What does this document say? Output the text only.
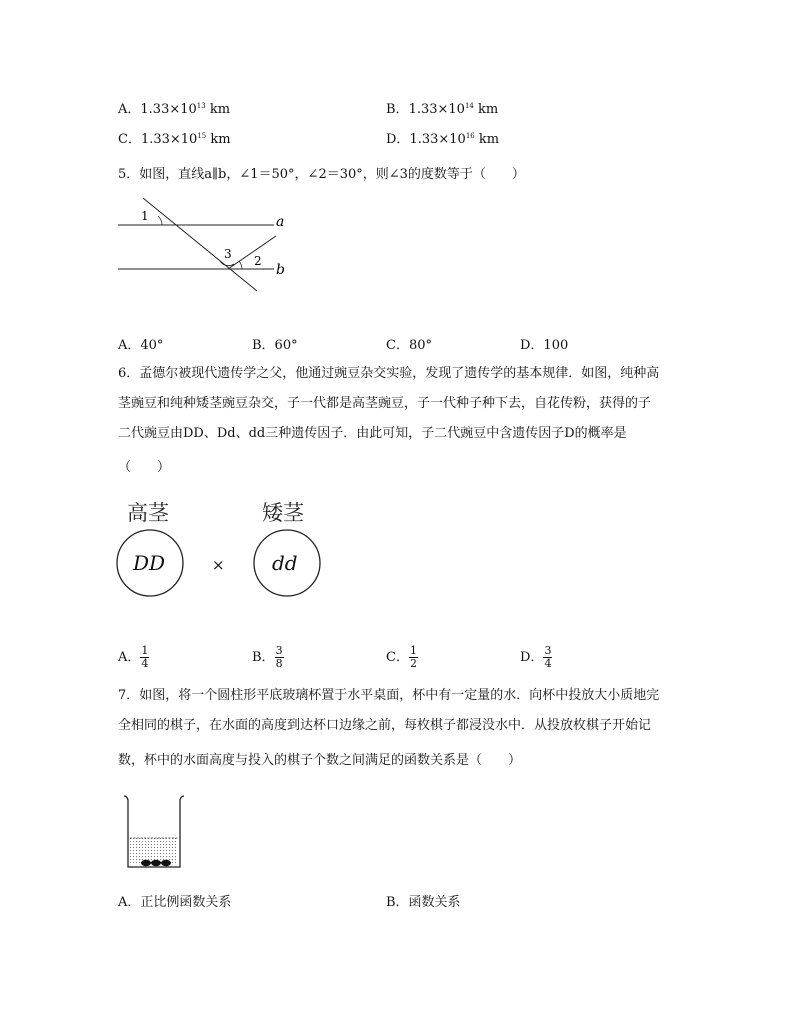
A．$1.33\times 10^{13}$ km	B．$1.33\times 10^{14}$ km
C．$1.33\times 10^{15}$ km	D．$1.33\times 10^{16}$ km
5．如图，直线a∥b，∠1＝50°，∠2＝30°，则∠3的度数等于（　　）
1
3 2
a
b
A．40°	B．60°	C．80°	D．100
6．孟德尔被现代遗传学之父，他通过豌豆杂交实验，发现了遗传学的基本规律．如图，纯种高
茎豌豆和纯种矮茎豌豆杂交，子一代都是高茎豌豆，子一代种子种下去，自花传粉，获得的子
二代豌豆由DD、Dd、dd三种遗传因子．由此可知，子二代豌豆中含遗传因子D的概率是
（　　）
高茎	矮茎
DD	dd
×
A． $\frac{1}{4}$	B． $\frac{3}{8}$	C． $\frac{1}{2}$	D． $\frac{3}{4}$
7．如图，将一个圆柱形平底玻璃杯置于水平桌面，杯中有一定量的水．向杯中投放大小质地完
全相同的棋子，在水面的高度到达杯口边缘之前，每枚棋子都浸没水中．从投放枚棋子开始记
数，杯中的水面高度与投入的棋子个数之间满足的函数关系是（　　）
A．正比例函数关系	B．函数关系
